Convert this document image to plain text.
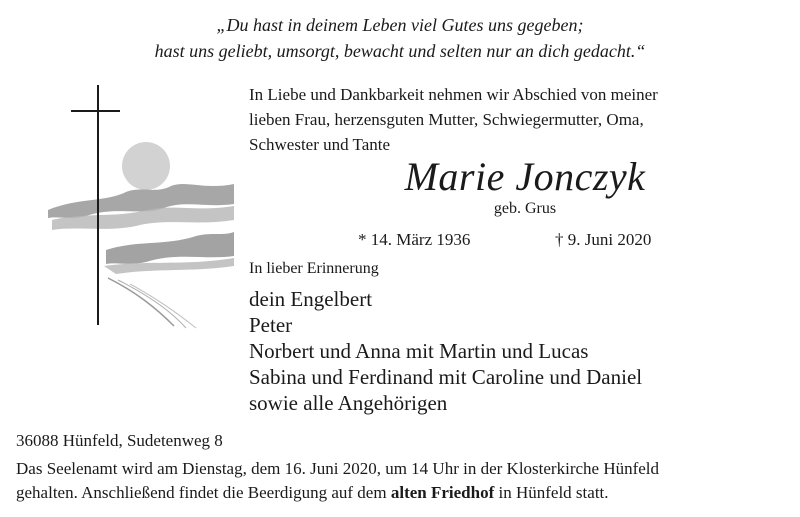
„Du hast in deinem Leben viel Gutes uns gegeben;
hast uns geliebt, umsorgt, bewacht und selten nur an dich gedacht.“
In Liebe und Dankbarkeit nehmen wir Abschied von meiner
lieben Frau, herzensguten Mutter, Schwiegermutter, Oma,
Schwester und Tante
Marie Jonczyk
geb. Grus
* 14. März 1936	† 9. Juni 2020
In lieber Erinnerung
dein Engelbert
Peter
Norbert und Anna mit Martin und Lucas
Sabina und Ferdinand mit Caroline und Daniel
sowie alle Angehörigen
36088 Hünfeld, Sudetenweg 8
Das Seelenamt wird am Dienstag, dem 16. Juni 2020, um 14 Uhr in der Klosterkirche Hünfeld
gehalten. Anschließend findet die Beerdigung auf dem alten Friedhof in Hünfeld statt.
